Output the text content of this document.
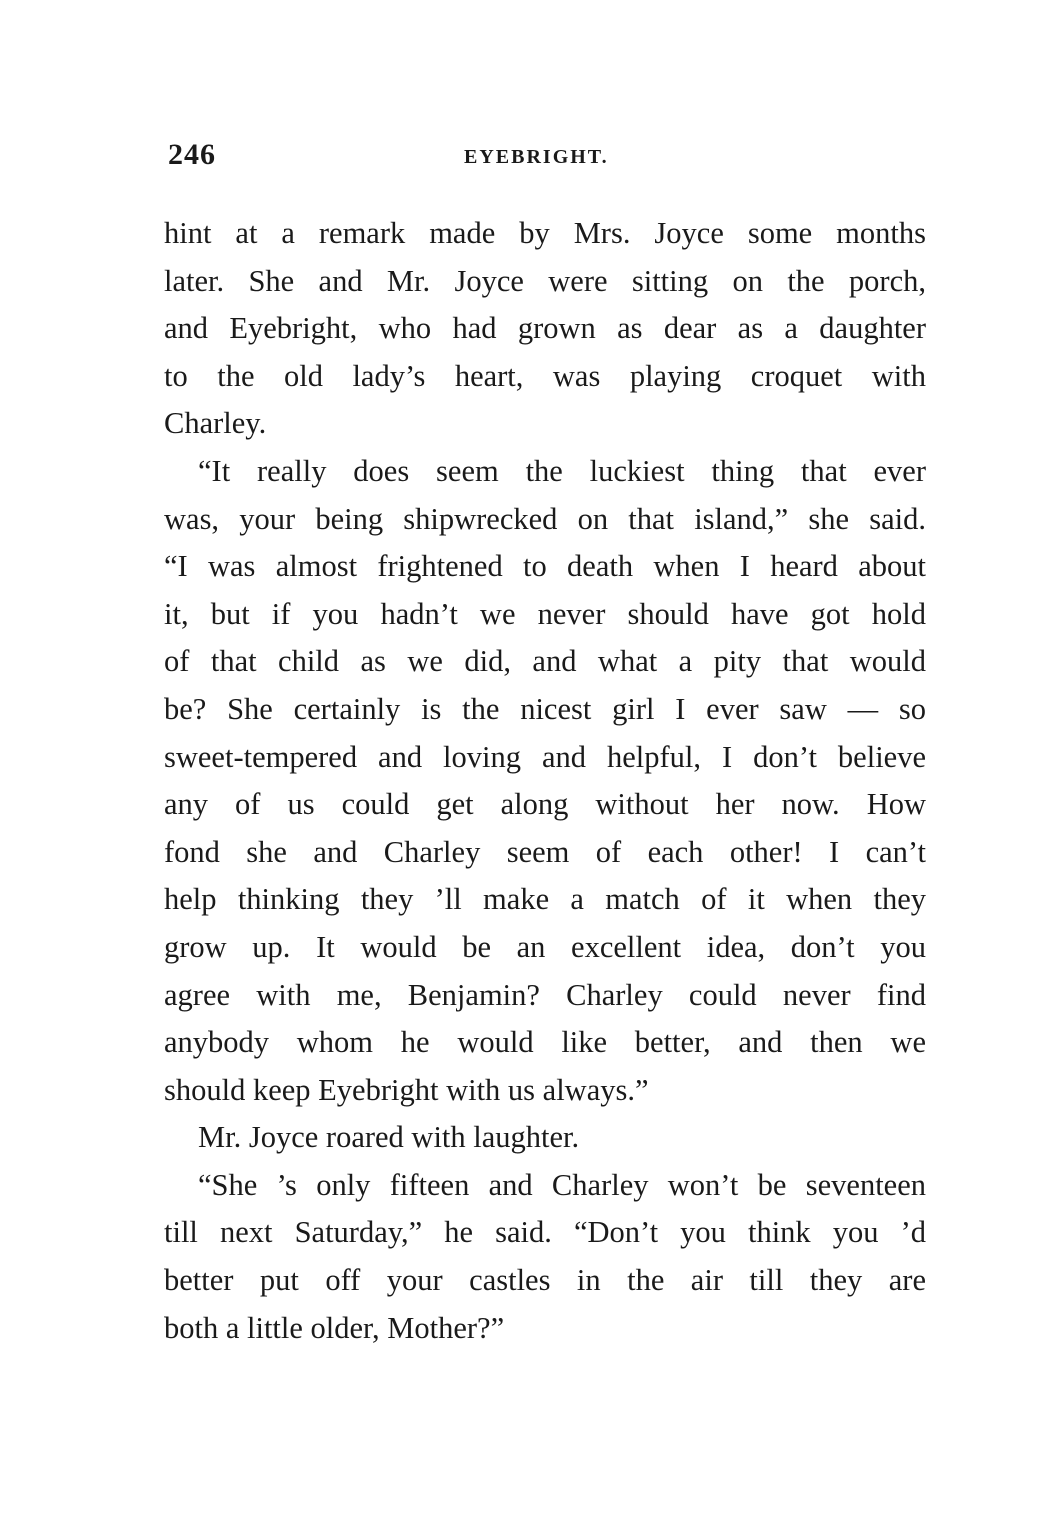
246	EYEBRIGHT.
hint at a remark made by Mrs. Joyce some months
later. She and Mr. Joyce were sitting on the porch,
and Eyebright, who had grown as dear as a daughter
to the old lady’s heart, was playing croquet with
Charley.
“It really does seem the luckiest thing that ever
was, your being shipwrecked on that island,” she said.
“I was almost frightened to death when I heard about
it, but if you hadn’t we never should have got hold
of that child as we did, and what a pity that would
be? She certainly is the nicest girl I ever saw — so
sweet-tempered and loving and helpful, I don’t believe
any of us could get along without her now. How
fond she and Charley seem of each other! I can’t
help thinking they ’ll make a match of it when they
grow up. It would be an excellent idea, don’t you
agree with me, Benjamin? Charley could never find
anybody whom he would like better, and then we
should keep Eyebright with us always.”
Mr. Joyce roared with laughter.
“She ’s only fifteen and Charley won’t be seventeen
till next Saturday,” he said. “Don’t you think you ’d
better put off your castles in the air till they are
both a little older, Mother?”
